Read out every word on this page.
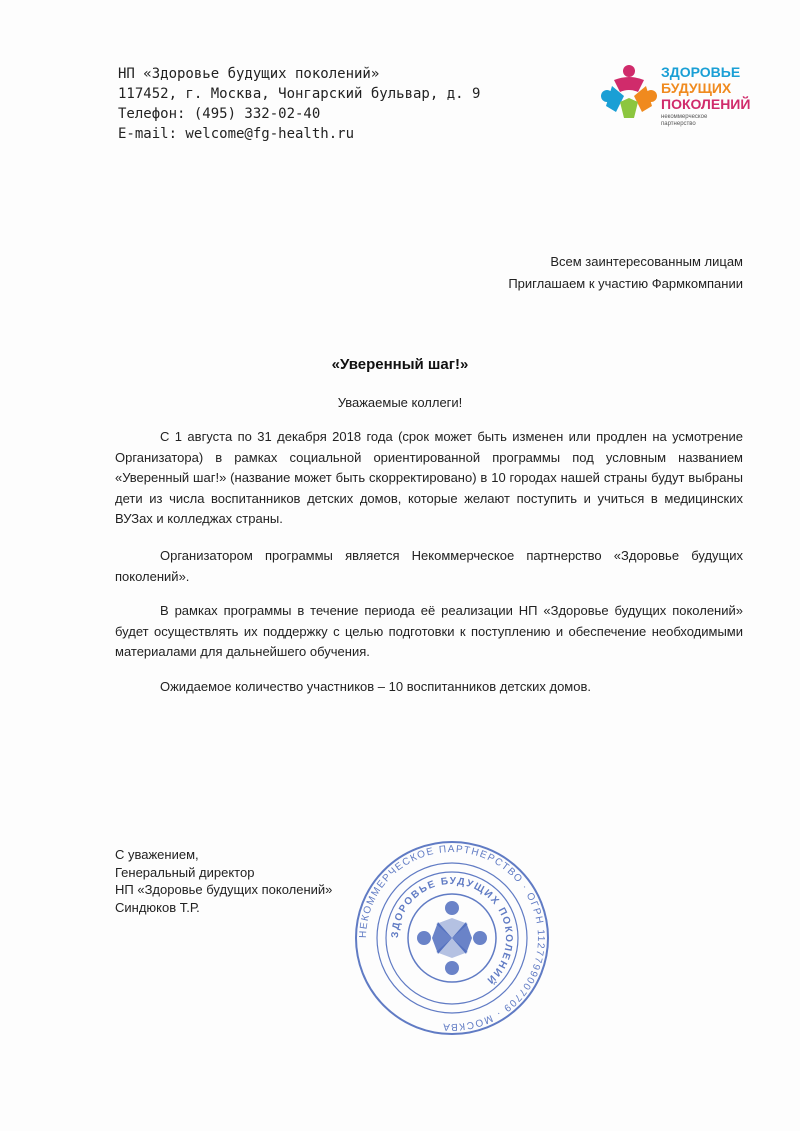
НП «Здоровье будущих поколений»
117452, г. Москва, Чонгарский бульвар, д. 9
Телефон: (495) 332-02-40
E-mail: welcome@fg-health.ru
ЗДОРОВЬЕ
БУДУЩИХ
ПОКОЛЕНИЙ
некоммерческое партнерство
Всем заинтересованным лицам
Приглашаем к участию Фармкомпании
«Уверенный шаг!»
Уважаемые коллеги!

С 1 августа по 31 декабря 2018 года (срок может быть изменен или продлен на усмотрение Организатора) в рамках социальной ориентированной программы под условным названием «Уверенный шаг!» (название может быть скорректировано) в 10 городах нашей страны будут выбраны дети из числа воспитанников детских домов, которые желают поступить и учиться в медицинских ВУЗах и колледжах страны.

Организатором программы является Некоммерческое партнерство «Здоровье будущих поколений».

В рамках программы в течение периода её реализации НП «Здоровье будущих поколений» будет осуществлять их поддержку с целью подготовки к поступлению и обеспечение необходимыми материалами для дальнейшего обучения.

Ожидаемое количество участников – 10 воспитанников детских домов.

С уважением,
Генеральный директор
НП «Здоровье будущих поколений»
Синдюков Т.Р.
НЕКОММЕРЧЕСКОЕ ПАРТНЕРСТВО · ОГРН 1127799007709 · МОСКВА
ЗДОРОВЬЕ БУДУЩИХ ПОКОЛЕНИЙ
